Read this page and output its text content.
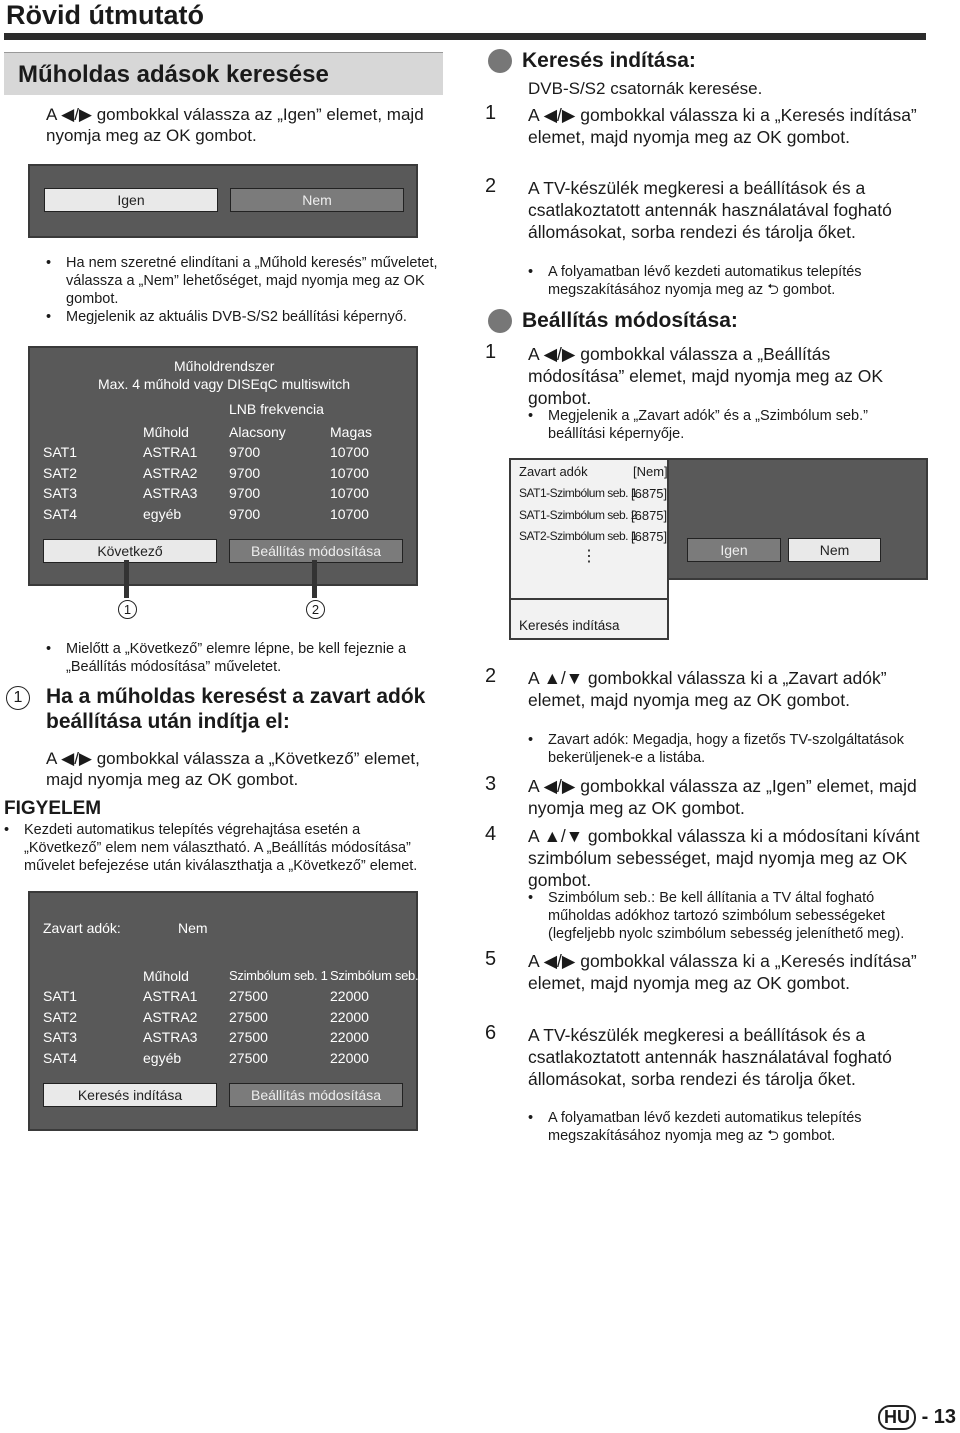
Rövid útmutató
Műholdas adások keresése
A ◀/▶ gombokkal válassza az „Igen” elemet, majd nyomja meg az OK gombot.
Igen	Nem
• Ha nem szeretné elindítani a „Műhold keresés” műveletet, válassza a „Nem” lehetőséget, majd nyomja meg az OK gombot.
• Megjelenik az aktuális DVB-S/S2 beállítási képernyő.
Műholdrendszer
Max. 4 műhold vagy DISEqC multiswitch
LNB frekvencia
Műhold	Alacsony	Magas
SAT1	ASTRA1 9700	10700
SAT2	ASTRA2 9700	10700
SAT3	ASTRA3 9700	10700
SAT4	egyéb	9700	10700
Következő	Beállítás módosítása
1	2
• Mielőtt a „Következő” elemre lépne, be kell fejeznie a „Beállítás módosítása” műveletet.
1	Ha a műholdas keresést a zavart adók beállítása után indítja el:
A ◀/▶ gombokkal válassza a „Következő” elemet, majd nyomja meg az OK gombot.
FIGYELEM
• Kezdeti automatikus telepítés végrehajtása esetén a „Következő” elem nem választható. A „Beállítás módosítása” művelet befejezése után kiválaszthatja a „Következő” elemet.
Zavart adók:	Nem
Műhold	Szimbólum seb. 1 Szimbólum seb. 2
SAT1	ASTRA1 27500	22000
SAT2	ASTRA2 27500	22000
SAT3	ASTRA3 27500	22000
SAT4	egyéb	27500	22000
Keresés indítása	Beállítás módosítása
Keresés indítása:
DVB-S/S2 csatornák keresése.
1 A ◀/▶ gombokkal válassza ki a „Keresés indítása” elemet, majd nyomja meg az OK gombot.
2 A TV-készülék megkeresi a beállítások és a csatlakoztatott antennák használatával fogható állomásokat, sorba rendezi és tárolja őket.
• A folyamatban lévő kezdeti automatikus telepítés megszakításához nyomja meg az ⮌ gombot.
Beállítás módosítása:
1 A ◀/▶ gombokkal válassza a „Beállítás módosítása” elemet, majd nyomja meg az OK gombot.
• Megjelenik a „Zavart adók” és a „Szimbólum seb.” beállítási képernyője.
Zavart adók	[Nem]
SAT1-Szimbólum seb. 1
[6875]
SAT1-Szimbólum seb. 2
[6875]
SAT2-Szimbólum seb. 1
[6875]
⋮
Keresés indítása
Igen	Nem
2 A ▲/▼ gombokkal válassza ki a „Zavart adók” elemet, majd nyomja meg az OK gombot.
• Zavart adók: Megadja, hogy a fizetős TV-szolgáltatások bekerüljenek-e a listába.
3 A ◀/▶ gombokkal válassza az „Igen” elemet, majd nyomja meg az OK gombot.
4 A ▲/▼ gombokkal válassza ki a módosítani kívánt szimbólum sebességet, majd nyomja meg az OK gombot.
• Szimbólum seb.: Be kell állítania a TV által fogható műholdas adókhoz tartozó szimbólum sebességeket (legfeljebb nyolc szimbólum sebesség jeleníthető meg).
5 A ◀/▶ gombokkal válassza ki a „Keresés indítása” elemet, majd nyomja meg az OK gombot.
6 A TV-készülék megkeresi a beállítások és a csatlakoztatott antennák használatával fogható állomásokat, sorba rendezi és tárolja őket.
• A folyamatban lévő kezdeti automatikus telepítés megszakításához nyomja meg az ⮌ gombot.
HU - 13
